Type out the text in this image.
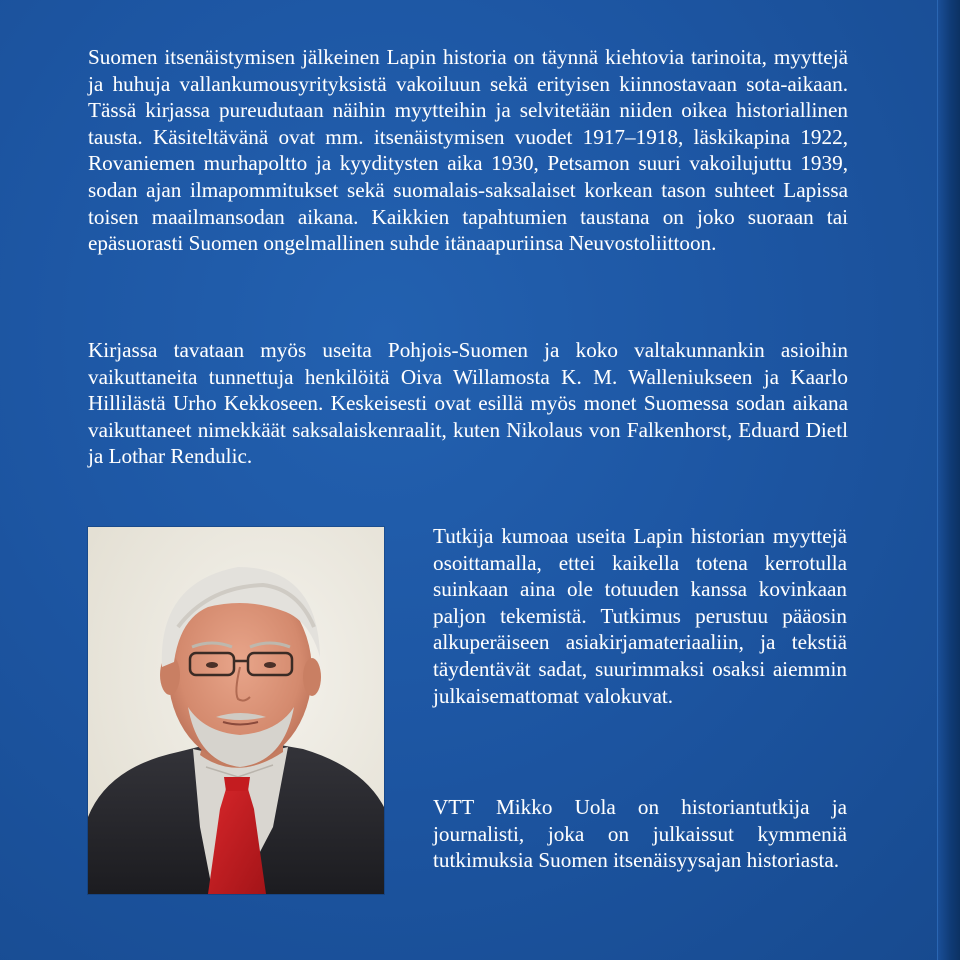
Suomen itsenäistymisen jälkeinen Lapin historia on täynnä kiehtovia tarinoita, myyttejä ja huhuja vallankumousyrityksistä vakoiluun sekä erityisen kiinnostavaan sota-aikaan. Tässä kirjassa pureudutaan näihin myytteihin ja selvitetään niiden oikea historiallinen tausta. Käsiteltävänä ovat mm. itsenäistymisen vuodet 1917–1918, läskikapina 1922, Rovaniemen murhapoltto ja kyyditysten aika 1930, Petsamon suuri vakoilujuttu 1939, sodan ajan ilmapommitukset sekä suomalais-saksalaiset korkean tason suhteet Lapissa toisen maailmansodan aikana. Kaikkien tapahtumien taustana on joko suoraan tai epäsuorasti Suomen ongelmallinen suhde itänaapuriinsa Neuvostoliittoon.

Kirjassa tavataan myös useita Pohjois-Suomen ja koko valtakunnankin asioihin vaikuttaneita tunnettuja henkilöitä Oiva Willamosta K. M. Walleniukseen ja Kaarlo Hillilästä Urho Kekkoseen. Keskeisesti ovat esillä myös monet Suomessa sodan aikana vaikuttaneet nimekkäät saksalaiskenraalit, kuten Nikolaus von Falkenhorst, Eduard Dietl ja Lothar Rendulic.

Tutkija kumoaa useita Lapin historian myyttejä osoittamalla, ettei kaikella totena kerrotulla suinkaan aina ole totuuden kanssa kovinkaan paljon tekemistä. Tutkimus perustuu pääosin alkuperäiseen asiakirjamateriaaliin, ja tekstiä täydentävät sadat, suurimmaksi osaksi aiemmin julkaisemattomat valokuvat.

VTT Mikko Uola on historiantutkija ja journalisti, joka on julkaissut kymmeniä tutkimuksia Suomen itsenäisyysajan historiasta.
